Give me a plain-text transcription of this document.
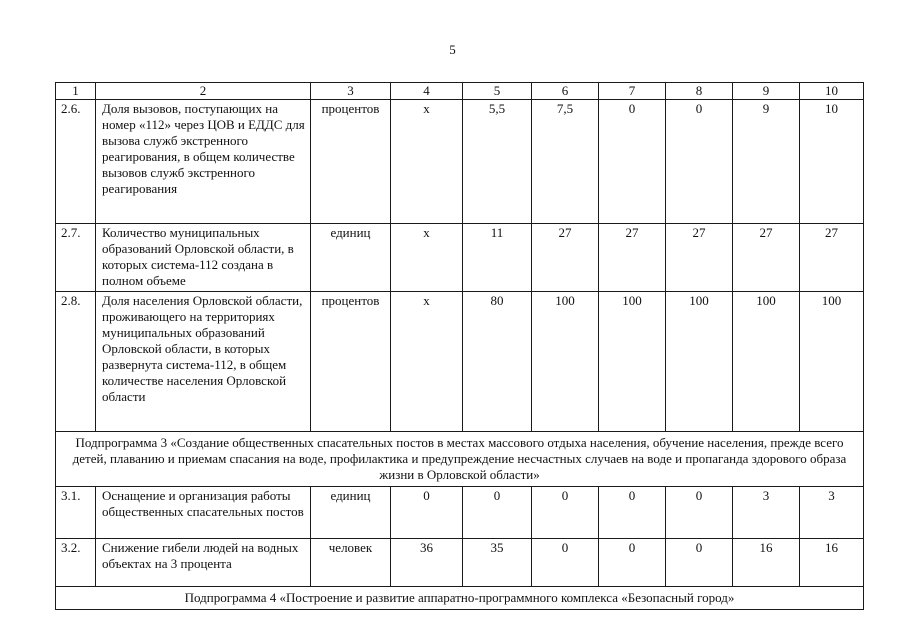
5
1	2	3	4	5	6	7	8	9	10
2.6.	Доля вызовов, поступающих на номер «112» через ЦОВ и ЕДДС для вызова служб экстренного реагирования, в общем количестве вызовов служб экстренного реагирования	процентов	х	5,5	7,5	0	0	9	10
2.7.	Количество муниципальных образований Орловской области, в которых система-112 создана в полном объеме	единиц	х	11	27	27	27	27	27
2.8.	Доля населения Орловской области, проживающего на территориях муниципальных образований Орловской области, в которых развернута система-112, в общем количестве населения Орловской области	процентов	х	80	100	100	100	100	100
Подпрограмма 3 «Создание общественных спасательных постов в местах массового отдыха населения, обучение населения, прежде всего детей, плаванию и приемам спасания на воде, профилактика и предупреждение несчастных случаев на воде и пропаганда здорового образа жизни в Орловской области»									
3.1.	Оснащение и организация работы общественных спасательных постов	единиц	0	0	0	0	0	3	3
3.2.	Снижение гибели людей на водных объектах на 3 процента	человек	36	35	0	0	0	16	16
Подпрограмма 4 «Построение и развитие аппаратно-программного комплекса «Безопасный город»									
